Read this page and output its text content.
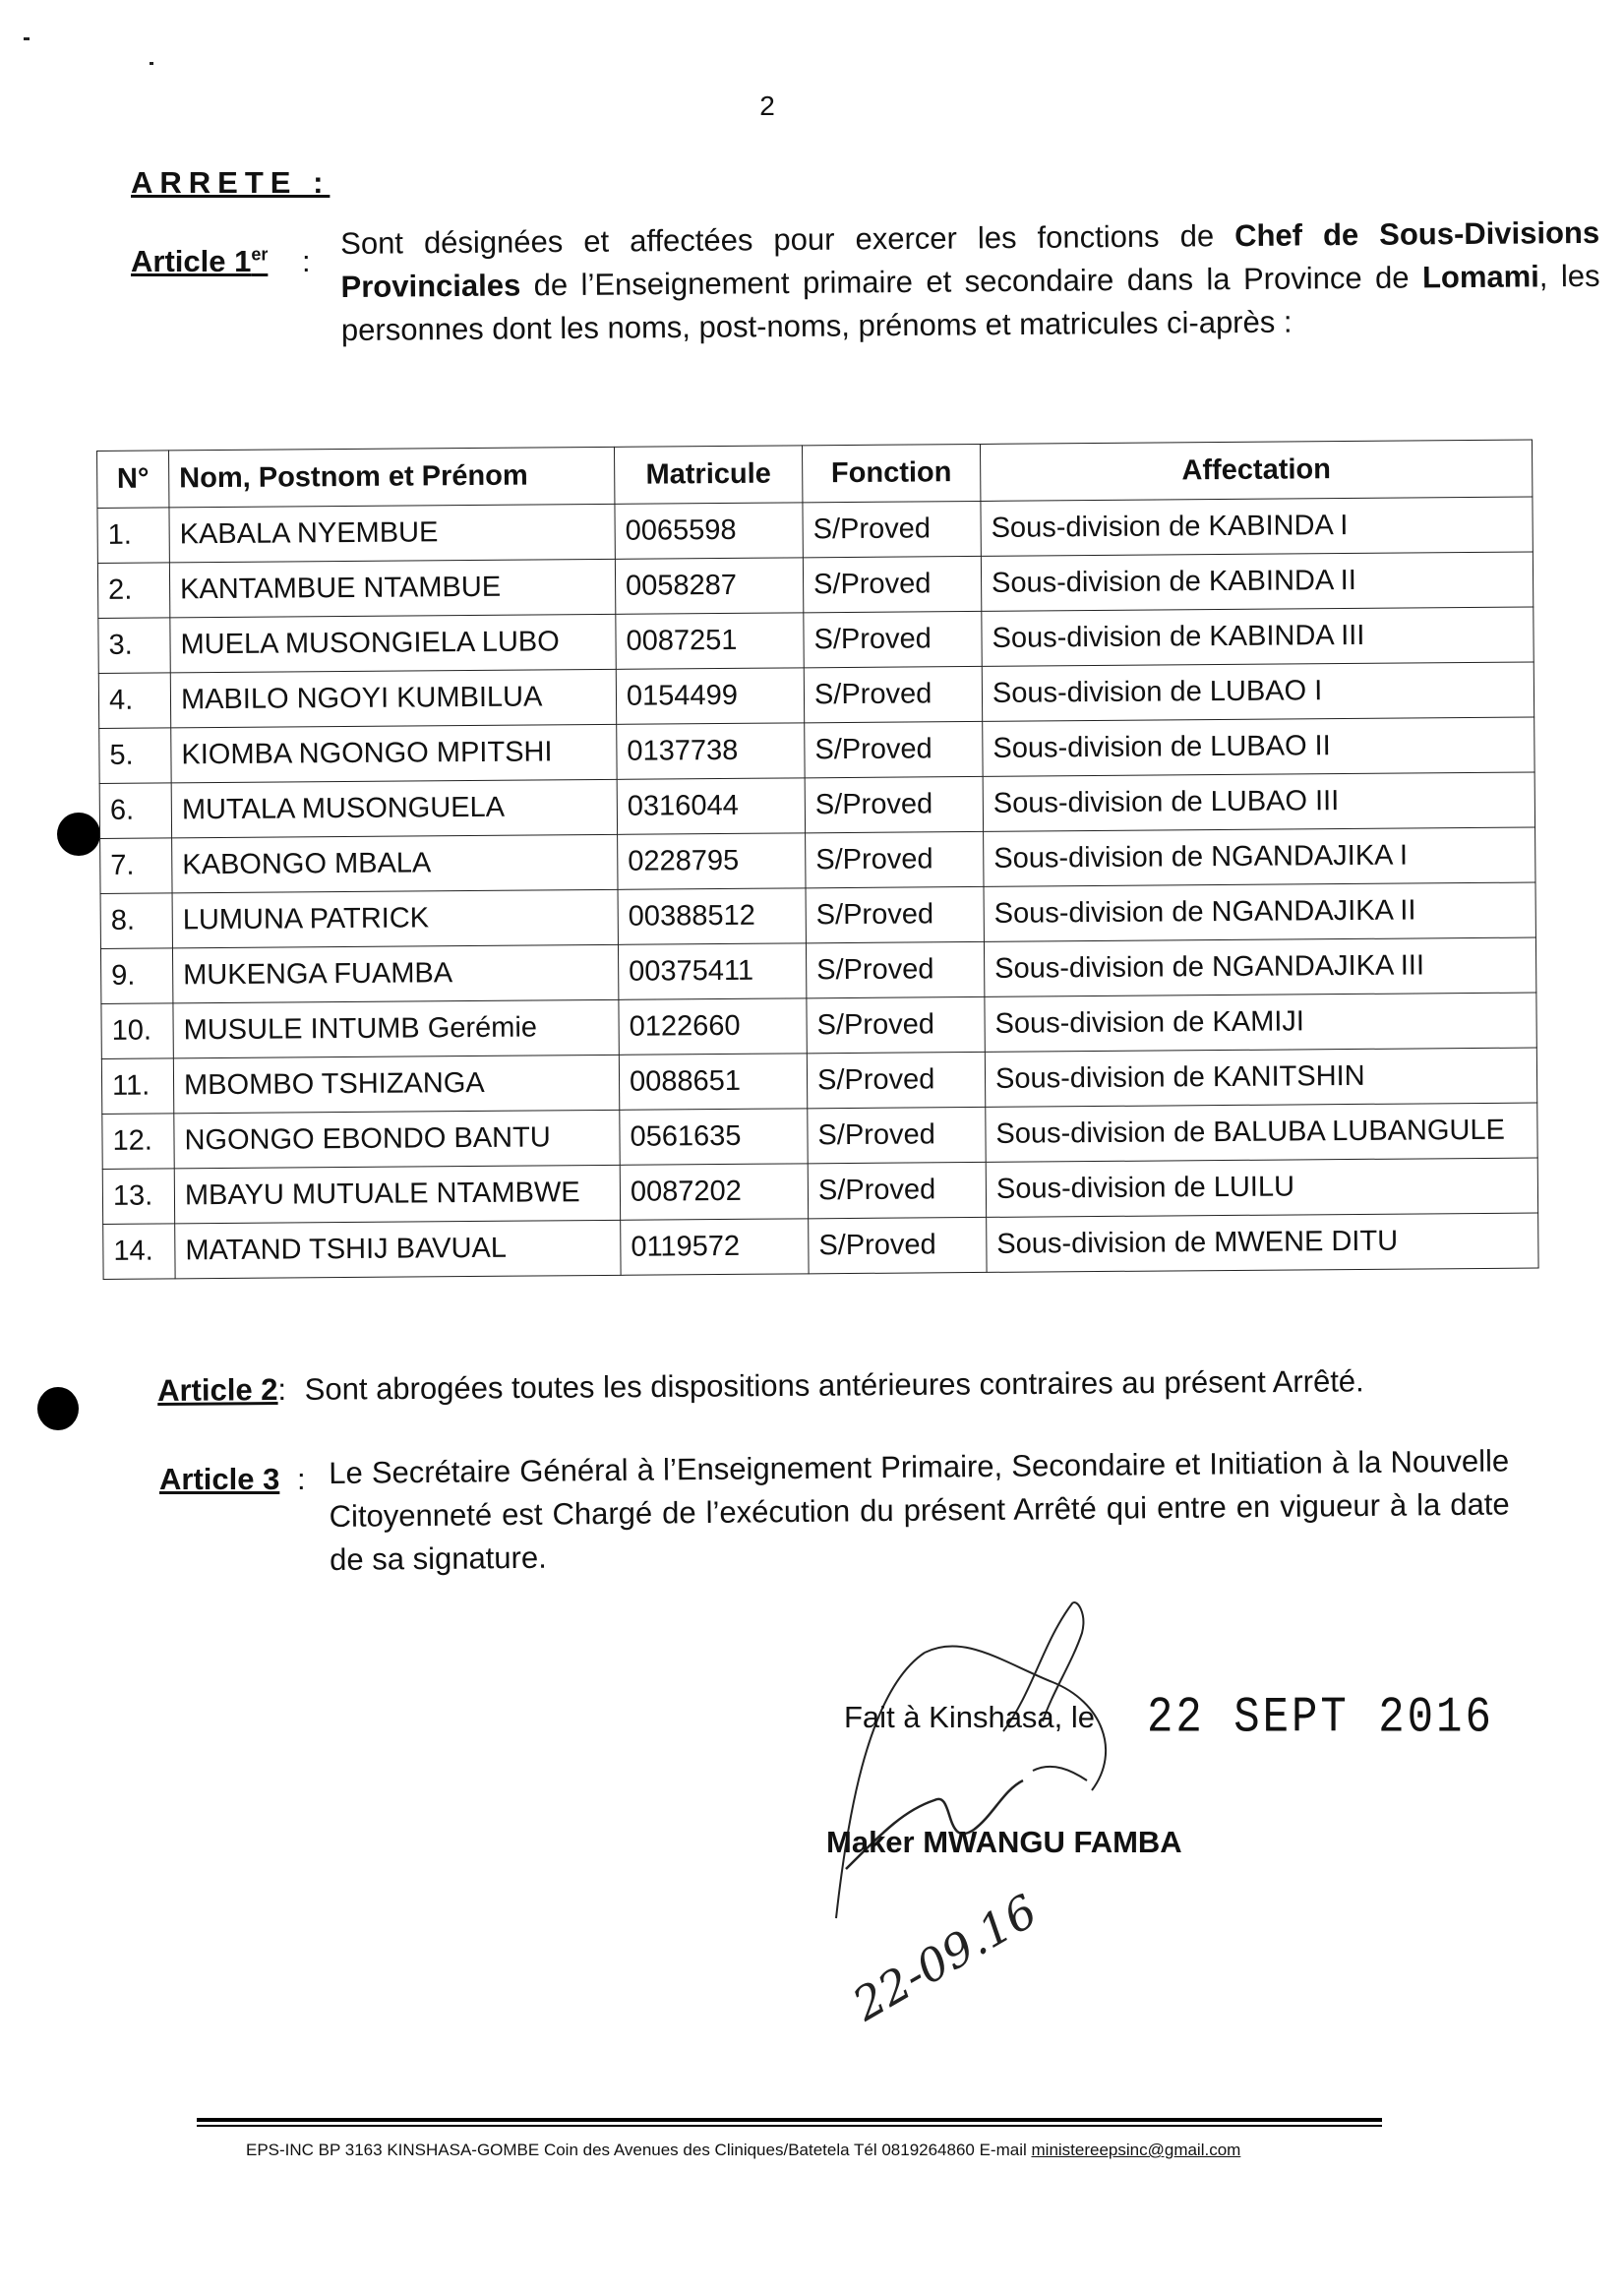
2
ARRETE :
Article 1er :
Sont désignées et affectées pour exercer les fonctions de Chef de Sous-Divisions Provinciales de l’Enseignement primaire et secondaire dans la Province de Lomami, les personnes dont les noms, post-noms, prénoms et matricules ci-après :
N°	Nom, Postnom et Prénom	Matricule	Fonction	Affectation
1.	KABALA NYEMBUE	0065598	S/Proved	Sous-division de KABINDA I
2.	KANTAMBUE NTAMBUE	0058287	S/Proved	Sous-division de KABINDA II
3.	MUELA MUSONGIELA LUBO	0087251	S/Proved	Sous-division de KABINDA III
4.	MABILO NGOYI KUMBILUA	0154499	S/Proved	Sous-division de LUBAO I
5.	KIOMBA NGONGO MPITSHI	0137738	S/Proved	Sous-division de LUBAO II
6.	MUTALA MUSONGUELA	0316044	S/Proved	Sous-division de LUBAO III
7.	KABONGO MBALA	0228795	S/Proved	Sous-division de NGANDAJIKA I
8.	LUMUNA PATRICK	00388512	S/Proved	Sous-division de NGANDAJIKA II
9.	MUKENGA FUAMBA	00375411	S/Proved	Sous-division de NGANDAJIKA III
10.	MUSULE INTUMB Gerémie	0122660	S/Proved	Sous-division de KAMIJI
11.	MBOMBO TSHIZANGA	0088651	S/Proved	Sous-division de KANITSHIN
12.	NGONGO EBONDO BANTU	0561635	S/Proved	Sous-division de BALUBA LUBANGULE
13.	MBAYU MUTUALE NTAMBWE	0087202	S/Proved	Sous-division de LUILU
14.	MATAND TSHIJ BAVUAL	0119572	S/Proved	Sous-division de MWENE DITU
Article 2: Sont abrogées toutes les dispositions antérieures contraires au présent Arrêté.
Article 3 : Le Secrétaire Général à l’Enseignement Primaire, Secondaire et Initiation à la Nouvelle Citoyenneté est Chargé de l’exécution du présent Arrêté qui entre en vigueur à la date de sa signature.
Fait à Kinshasa, le 22 SEPT 2016
Maker MWANGU FAMBA
22-09.16
EPS-INC BP 3163 KINSHASA-GOMBE Coin des Avenues des Cliniques/Batetela Tél 0819264860 E-mail ministereepsinc@gmail.com
